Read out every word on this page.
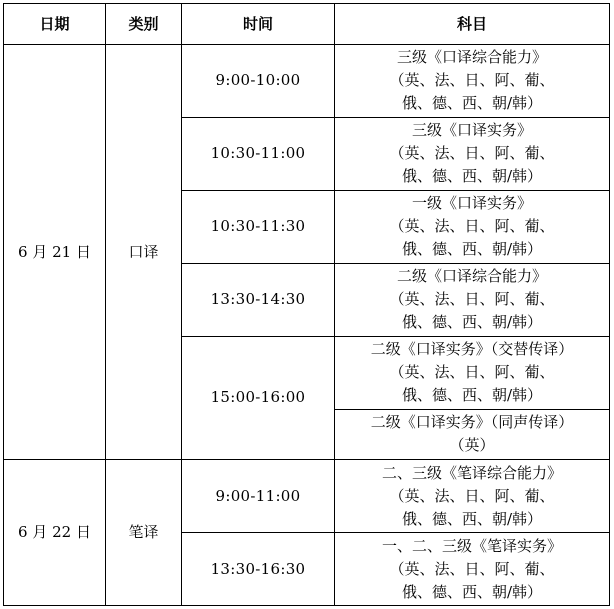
日期	类别	时间	科目
6 月 21 日	口译	9:00-10:00	三级《口译综合能力》
（英、法、日、阿、葡、
俄、德、西、朝/韩）

		10:30-11:00	三级《口译实务》
（英、法、日、阿、葡、
俄、德、西、朝/韩）

		10:30-11:30	一级《口译实务》
（英、法、日、阿、葡、
俄、德、西、朝/韩）

		13:30-14:30	二级《口译综合能力》
（英、法、日、阿、葡、
俄、德、西、朝/韩）

		15:00-16:00	二级《口译实务》（交替传译）
（英、法、日、阿、葡、
俄、德、西、朝/韩）

			二级《口译实务》（同声传译）
（英）

6 月 22 日	笔译	9:00-11:00	二、三级《笔译综合能力》
（英、法、日、阿、葡、
俄、德、西、朝/韩）

		13:30-16:30	一、二、三级《笔译实务》
（英、法、日、阿、葡、
俄、德、西、朝/韩）
